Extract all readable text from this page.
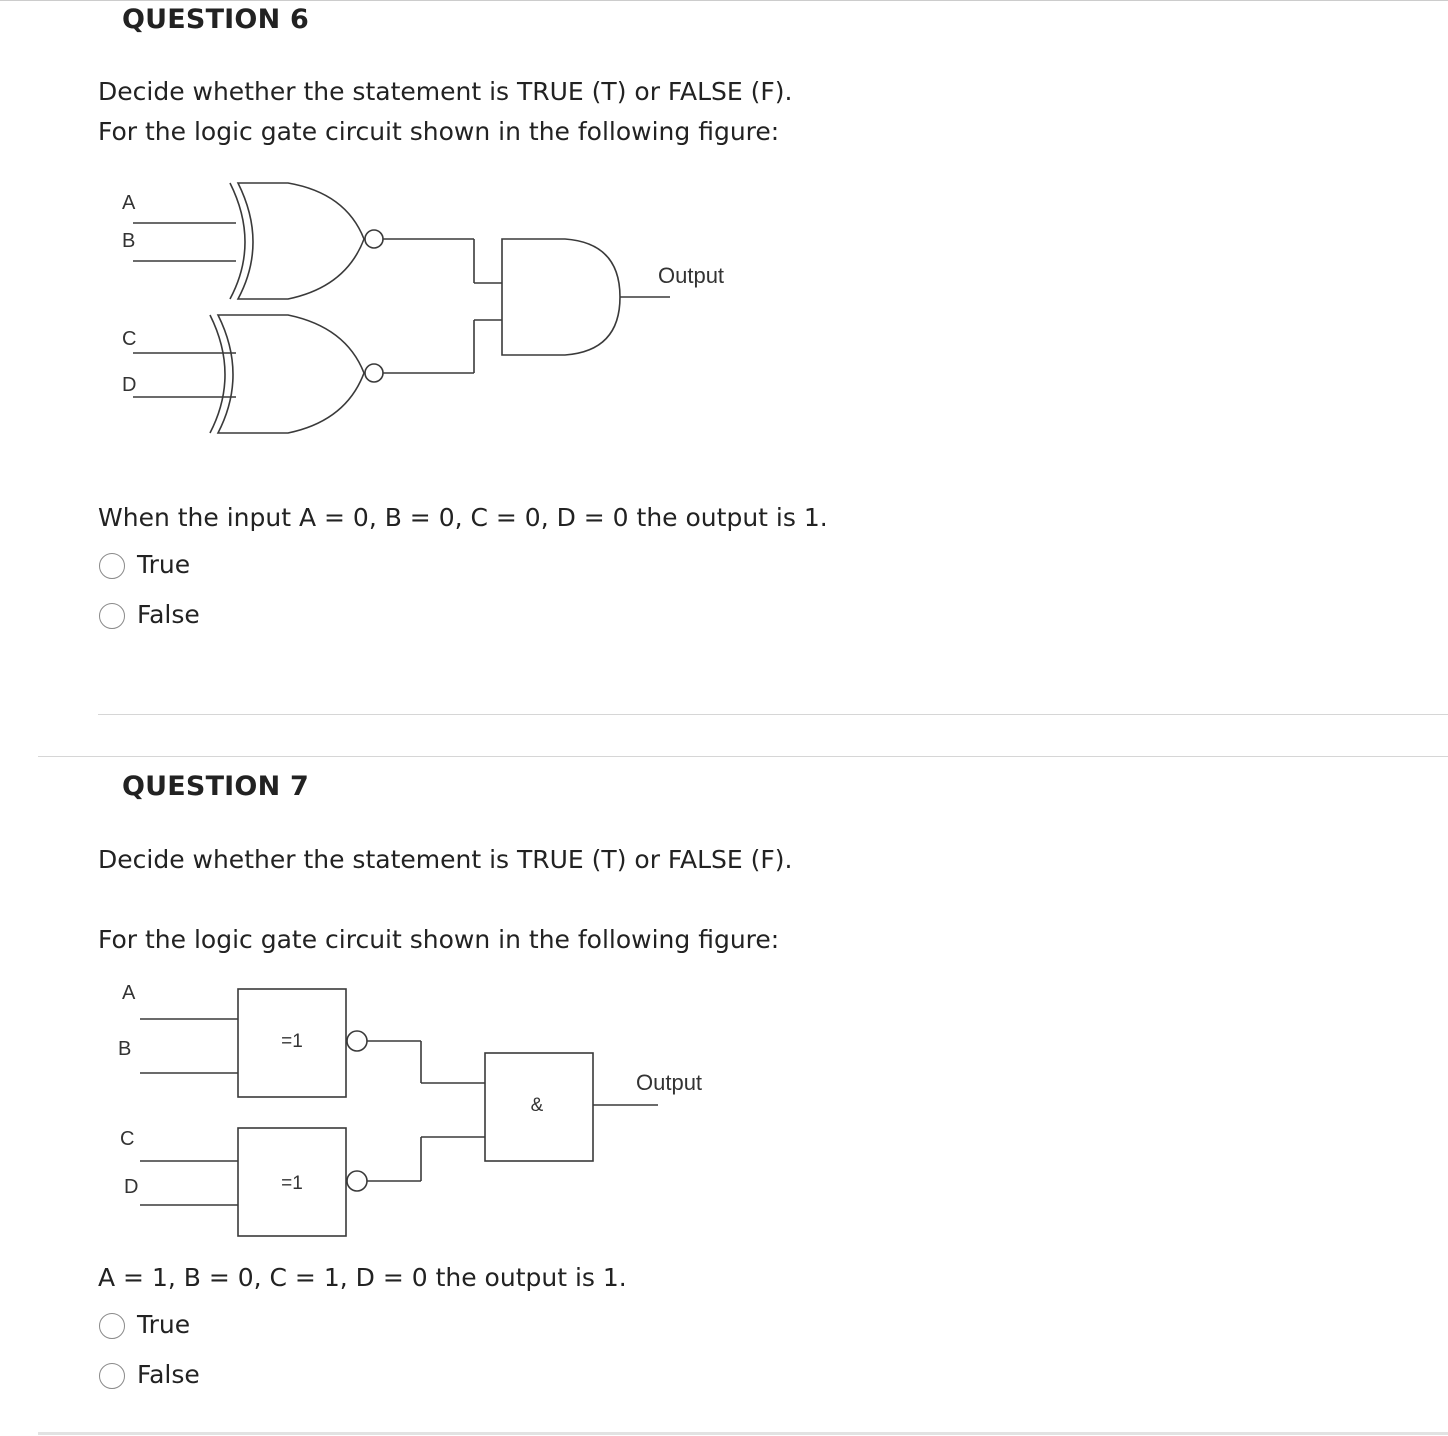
QUESTION 6
Decide whether the statement is TRUE (T) or FALSE (F).
For the logic gate circuit shown in the following figure:
A
B
C
D
Output
When the input A = 0, B = 0, C = 0, D = 0 the output is 1.
True
False
QUESTION 7
Decide whether the statement is TRUE (T) or FALSE (F).
For the logic gate circuit shown in the following figure:
=1
=1
&
A
B
C
D
Output
A = 1, B = 0, C = 1, D = 0 the output is 1.
True
False
